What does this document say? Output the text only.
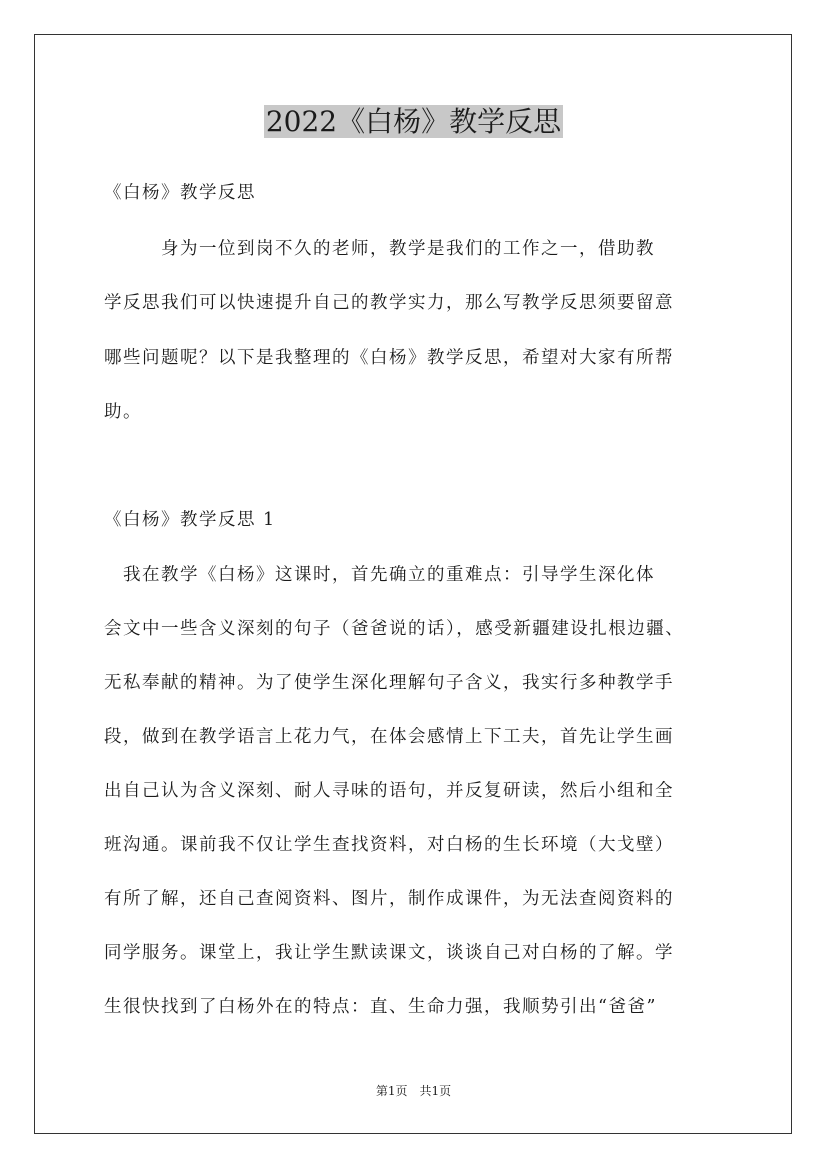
2022《白杨》教学反思
《白杨》教学反思
　　　身为一位到岗不久的老师，教学是我们的工作之一，借助教
学反思我们可以快速提升自己的教学实力，那么写教学反思须要留意
哪些问题呢？以下是我整理的《白杨》教学反思，希望对大家有所帮
助。
《白杨》教学反思 1
　我在教学《白杨》这课时，首先确立的重难点：引导学生深化体
会文中一些含义深刻的句子（爸爸说的话），感受新疆建设扎根边疆、
无私奉献的精神。为了使学生深化理解句子含义，我实行多种教学手
段，做到在教学语言上花力气，在体会感情上下工夫，首先让学生画
出自己认为含义深刻、耐人寻味的语句，并反复研读，然后小组和全
班沟通。课前我不仅让学生查找资料，对白杨的生长环境（大戈壁）
有所了解，还自己查阅资料、图片，制作成课件，为无法查阅资料的
同学服务。课堂上，我让学生默读课文，谈谈自己对白杨的了解。学
生很快找到了白杨外在的特点：直、生命力强，我顺势引出“爸爸”
第1页　共1页
